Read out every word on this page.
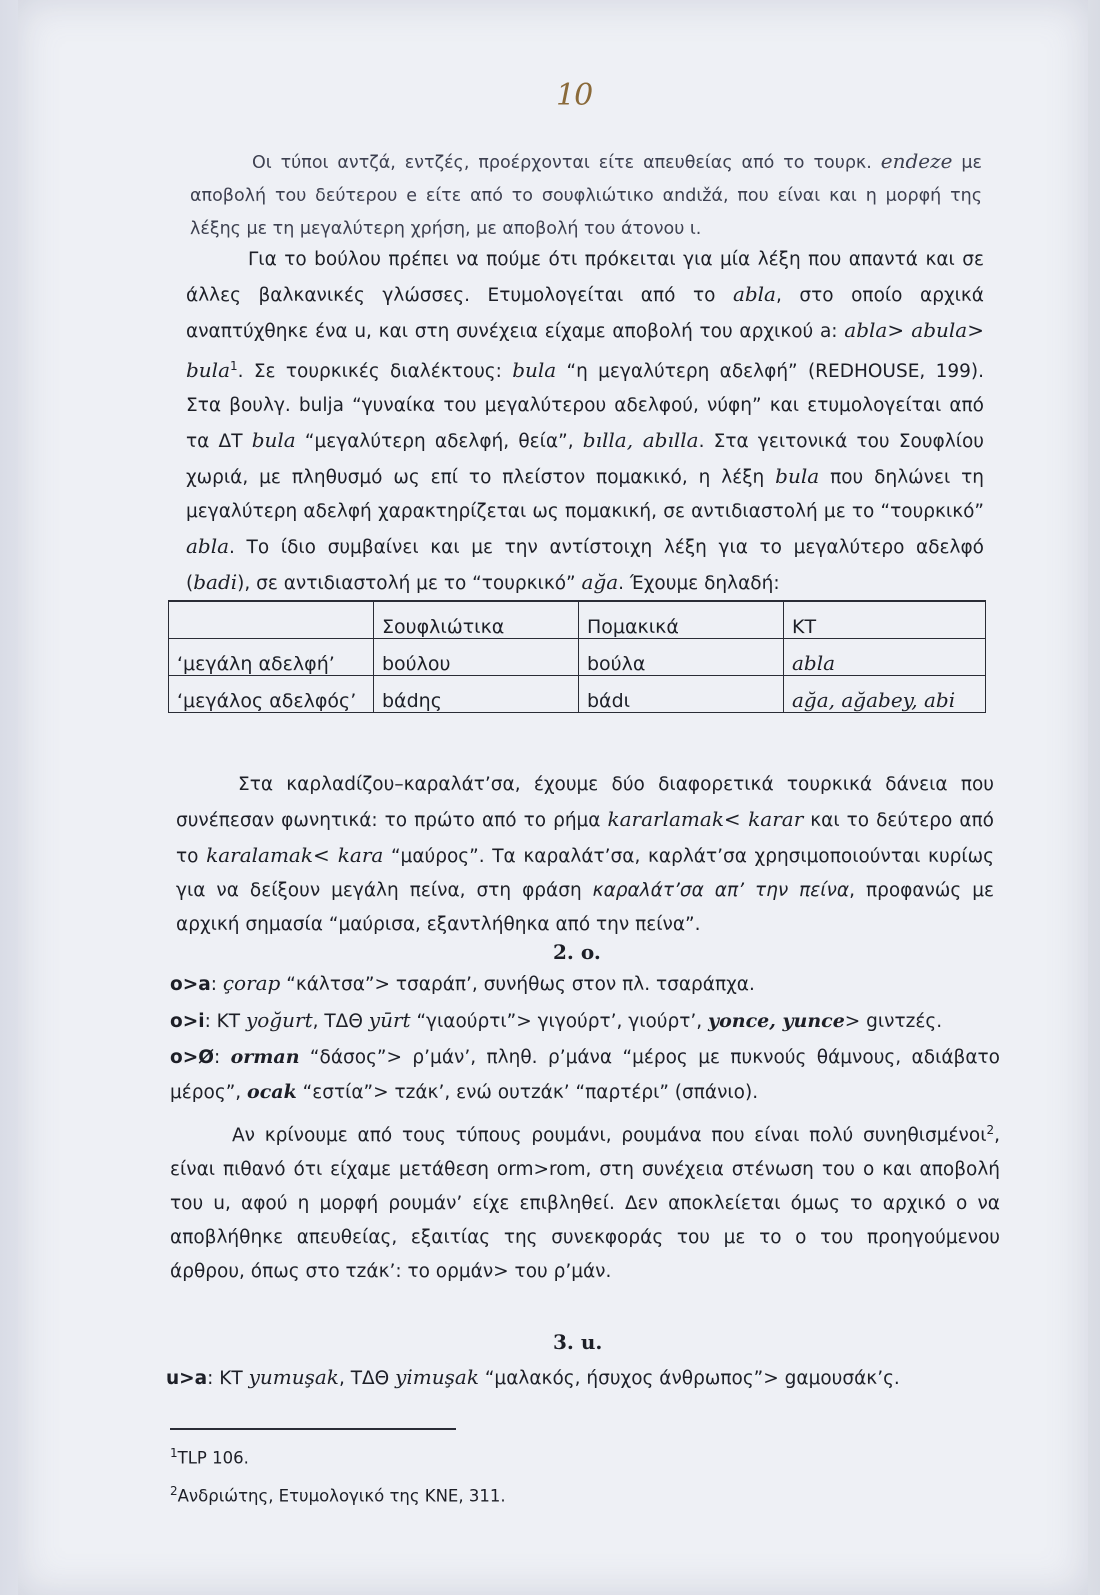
10

Οι τύποι αντζά, εντζές, προέρχονται είτε απευθείας από το τουρκ. endeze με αποβολή του δεύτερου e είτε από το σουφλιώτικο αndιžά, που είναι και η μορφή της λέξης με τη μεγαλύτερη χρήση, με αποβολή του άτονου ι.

Για το boύλου πρέπει να πούμε ότι πρόκειται για μία λέξη που απαντά και σε άλλες βαλκανικές γλώσσες. Ετυμολογείται από το abla, στο οποίο αρχικά αναπτύχθηκε ένα u, και στη συνέχεια είχαμε αποβολή του αρχικού a: abla> abula> bula$^1$. Σε τουρκικές διαλέκτους: bula “η μεγαλύτερη αδελφή” (REDHOUSE, 199). Στα βουλγ. bulja “γυναίκα του μεγαλύτερου αδελφού, νύφη” και ετυμολογείται από τα ΔΤ bula “μεγαλύτερη αδελφή, θεία”, bılla, abılla. Στα γειτονικά του Σουφλίου χωριά, με πληθυσμό ως επί το πλείστον πομακικό, η λέξη bula που δηλώνει τη μεγαλύτερη αδελφή χαρακτηρίζεται ως πομακική, σε αντιδιαστολή με το “τουρκικό” abla. Το ίδιο συμβαίνει και με την αντίστοιχη λέξη για το μεγαλύτερο αδελφό (badi), σε αντιδιαστολή με το “τουρκικό” ağa. Έχουμε δηλαδή:

	Σουφλιώτικα	Πομακικά	ΚΤ
‘μεγάλη αδελφή’	boύλου	boύλα	abla
‘μεγάλος αδελφός’	bάdης	bάdι	ağa, ağabey, abi

Στα καρλαdίζου–καραλάτ’σα, έχουμε δύο διαφορετικά τουρκικά δάνεια που συνέπεσαν φωνητικά: το πρώτο από το ρήμα kararlamak< karar και το δεύτερο από το karalamak< kara “μαύρος”. Τα καραλάτ’σα, καρλάτ’σα χρησιμοποιούνται κυρίως για να δείξουν μεγάλη πείνα, στη φράση καραλάτ’σα απ’ την πείνα, προφανώς με αρχική σημασία “μαύρισα, εξαντλήθηκα από την πείνα”.

2. o.

o>a: çorap “κάλτσα”> τσαράπ’, συνήθως στον πλ. τσαράπχα.

o>i: ΚΤ yoğurt, ΤΔΘ yūrt “γιαούρτι”> γιγούρτ’, γιούρτ’, yonce, yunce> gιντzές.

o>Ø: orman “δάσος”> ρ’μάν’, πληθ. ρ’μάνα “μέρος με πυκνούς θάμνους, αδιάβατο μέρος”, ocak “εστία”> τzάκ’, ενώ ουτzάκ’ “παρτέρι” (σπάνιο).

Αν κρίνουμε από τους τύπους ρουμάνι, ρουμάνα που είναι πολύ συνηθισμένοι$^2$, είναι πιθανό ότι είχαμε μετάθεση orm>rom, στη συνέχεια στένωση του o και αποβολή του u, αφού η μορφή ρουμάν’ είχε επιβληθεί. Δεν αποκλείεται όμως το αρχικό o να αποβλήθηκε απευθείας, εξαιτίας της συνεκφοράς του με το ο του προηγούμενου άρθρου, όπως στο τzάκ’: το ορμάν> του ρ’μάν.

3. u.

u>a: ΚΤ yumuşak, ΤΔΘ yimuşak “μαλακός, ήσυχος άνθρωπος”> gαμουσάκ’ς.

$^1$TLP 106.
$^2$Ανδριώτης, Ετυμολογικό της ΚΝΕ, 311.
